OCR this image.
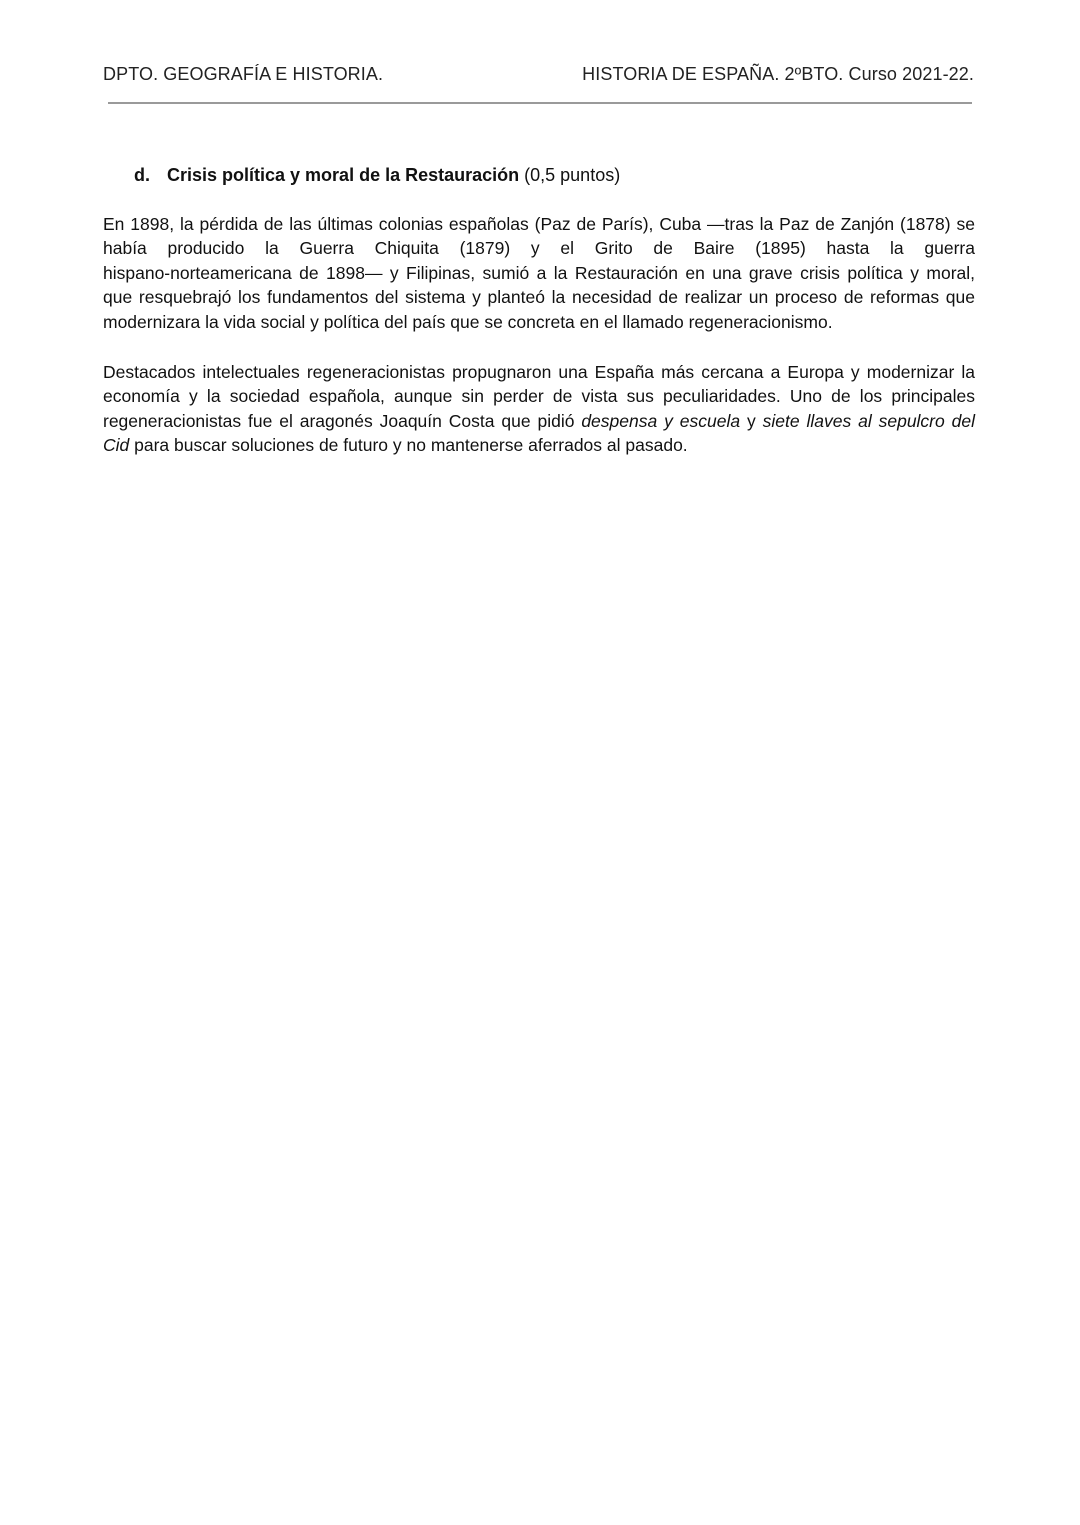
DPTO. GEOGRAFÍA E HISTORIA.	HISTORIA DE ESPAÑA. 2ºBTO. Curso 2021-22.
d. Crisis política y moral de la Restauración (0,5 puntos)
En 1898, la pérdida de las últimas colonias españolas (Paz de París), Cuba —tras la Paz de Zanjón (1878) se
había producido la Guerra Chiquita (1879) y el Grito de Baire (1895) hasta la guerra
hispano-norteamericana de 1898— y Filipinas, sumió a la Restauración en una grave crisis política y moral,
que resquebrajó los fundamentos del sistema y planteó la necesidad de realizar un proceso de reformas que
modernizara la vida social y política del país que se concreta en el llamado regeneracionismo.
Destacados intelectuales regeneracionistas propugnaron una España más cercana a Europa y modernizar la
economía y la sociedad española, aunque sin perder de vista sus peculiaridades. Uno de los principales
regeneracionistas fue el aragonés Joaquín Costa que pidió despensa y escuela y siete llaves al sepulcro del
Cid para buscar soluciones de futuro y no mantenerse aferrados al pasado.
